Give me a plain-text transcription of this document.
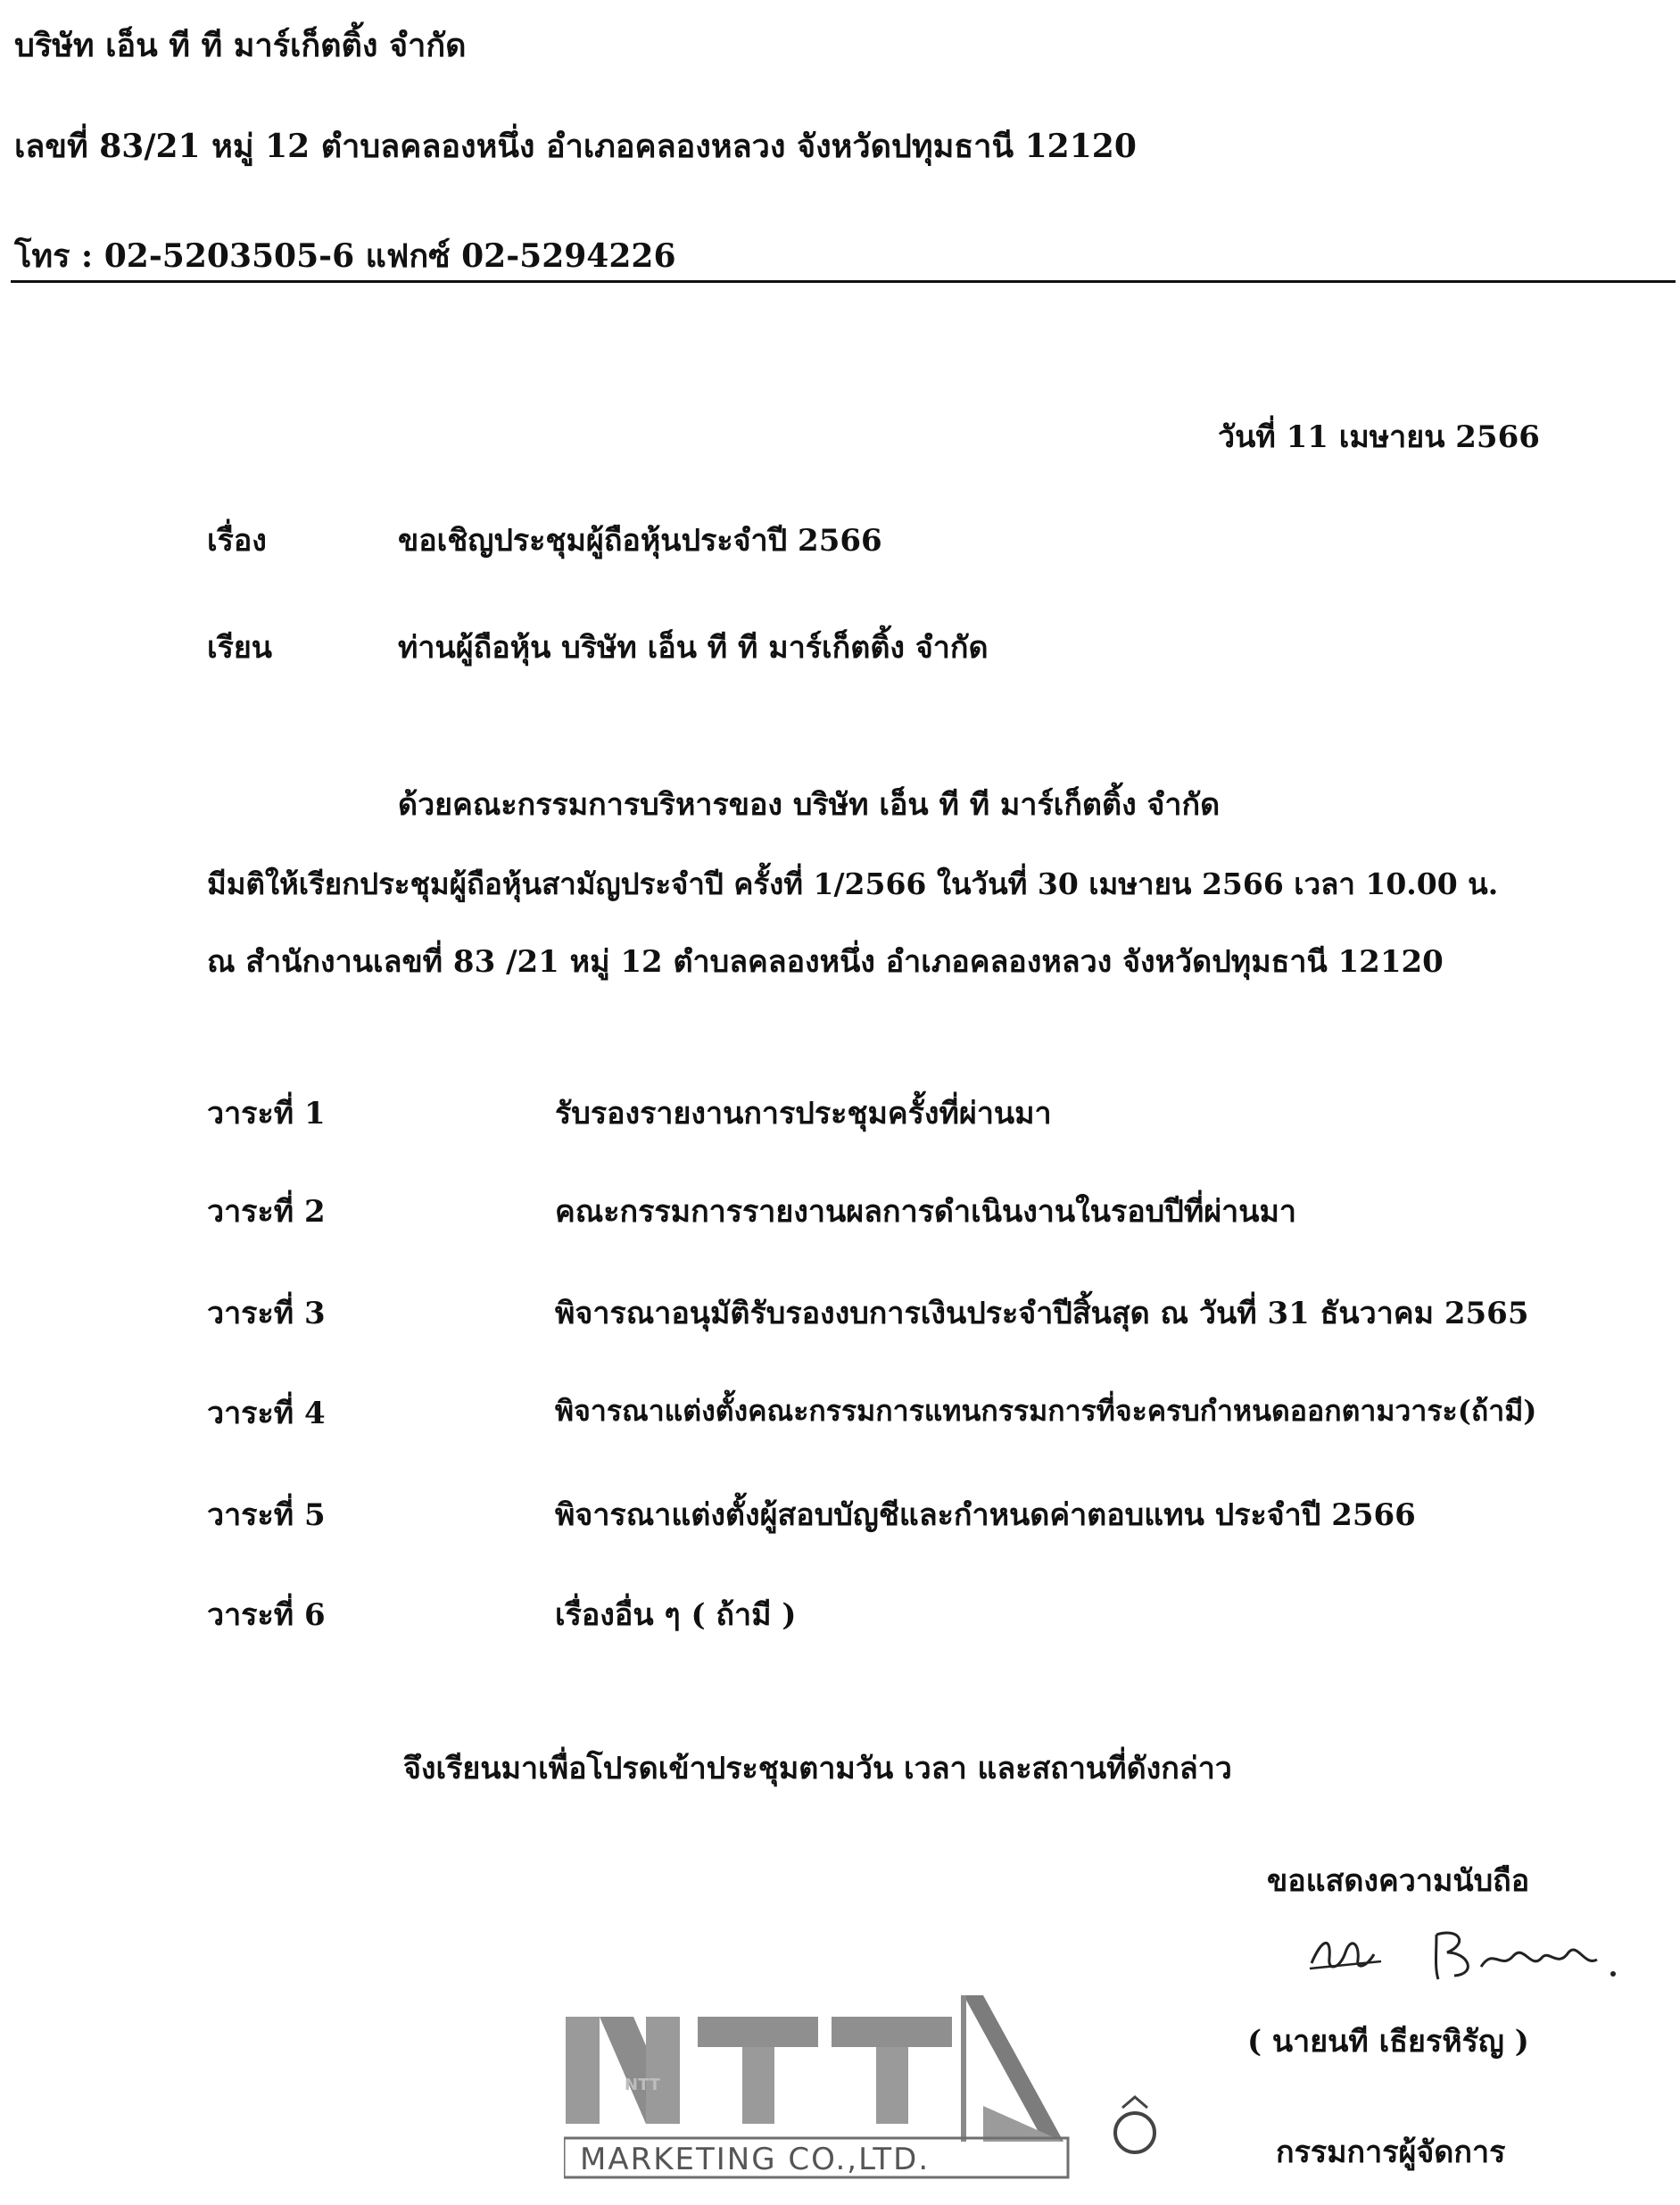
บริษัท เอ็น ที ที มาร์เก็ตติ้ง จำกัด
เลขที่ 83/21 หมู่ 12 ตำบลคลองหนึ่ง อำเภอคลองหลวง จังหวัดปทุมธานี 12120
โทร : 02-5203505-6 แฟกซ์ 02-5294226
วันที่ 11 เมษายน 2566
เรื่อง	ขอเชิญประชุมผู้ถือหุ้นประจำปี 2566
เรียน	ท่านผู้ถือหุ้น บริษัท เอ็น ที ที มาร์เก็ตติ้ง จำกัด
ด้วยคณะกรรมการบริหารของ บริษัท เอ็น ที ที มาร์เก็ตติ้ง จำกัด
มีมติให้เรียกประชุมผู้ถือหุ้นสามัญประจำปี ครั้งที่ 1/2566 ในวันที่ 30 เมษายน 2566 เวลา 10.00 น.
ณ สำนักงานเลขที่ 83 /21 หมู่ 12 ตำบลคลองหนึ่ง อำเภอคลองหลวง จังหวัดปทุมธานี 12120
วาระที่ 1	รับรองรายงานการประชุมครั้งที่ผ่านมา
วาระที่ 2	คณะกรรมการรายงานผลการดำเนินงานในรอบปีที่ผ่านมา
วาระที่ 3	พิจารณาอนุมัติรับรองงบการเงินประจำปีสิ้นสุด ณ วันที่ 31 ธันวาคม 2565
วาระที่ 4	พิจารณาแต่งตั้งคณะกรรมการแทนกรรมการที่จะครบกำหนดออกตามวาระ(ถ้ามี)
วาระที่ 5	พิจารณาแต่งตั้งผู้สอบบัญชีและกำหนดค่าตอบแทน ประจำปี 2566
วาระที่ 6	เรื่องอื่น ๆ ( ถ้ามี )
จึงเรียนมาเพื่อโปรดเข้าประชุมตามวัน เวลา และสถานที่ดังกล่าว
ขอแสดงความนับถือ
( นายนที เธียรหิรัญ )
กรรมการผู้จัดการ
NTT
MARKETING CO.,LTD.
